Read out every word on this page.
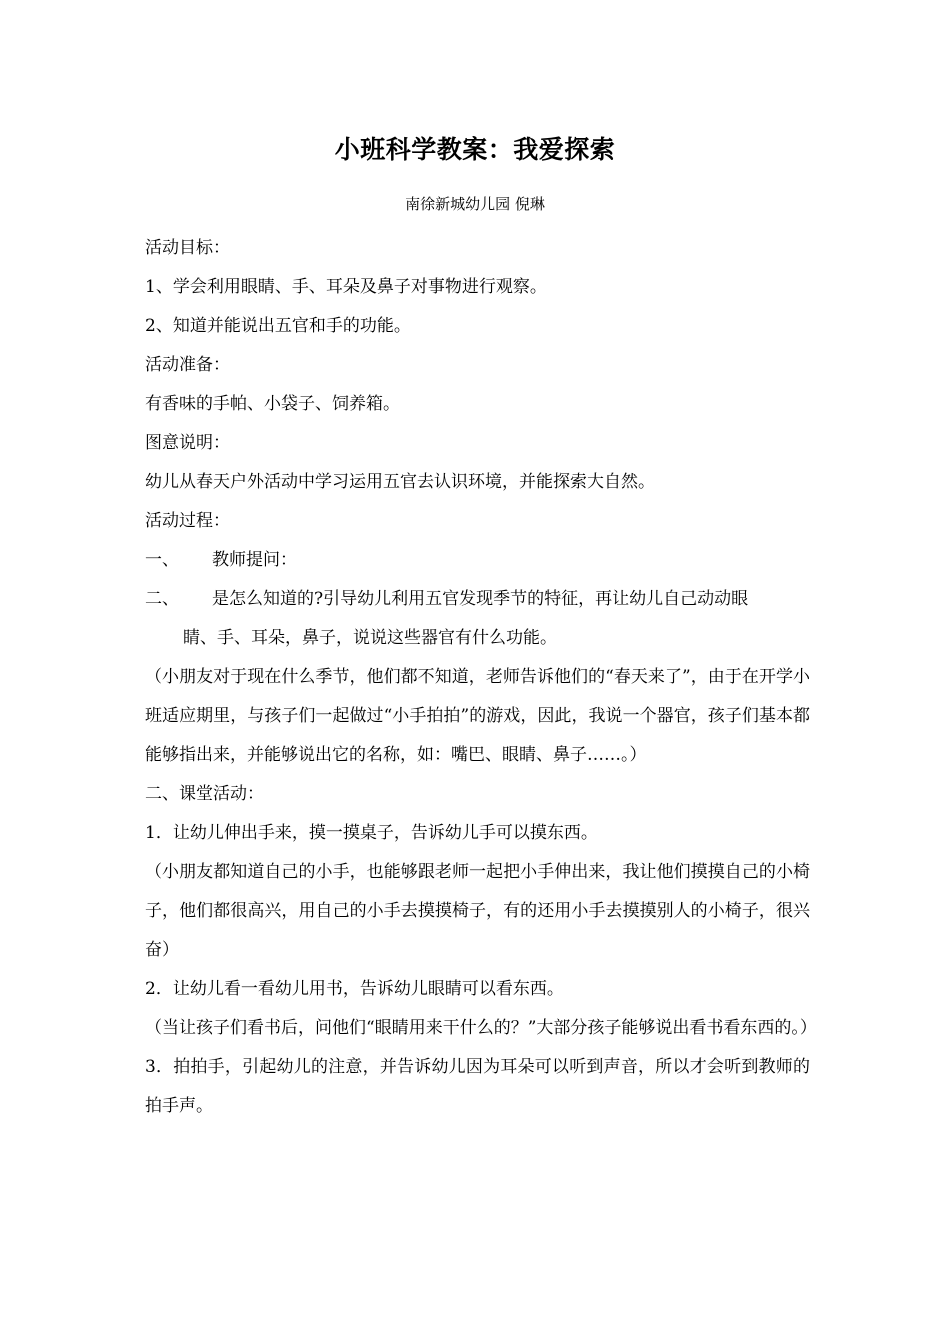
小班科学教案：我爱探索
南徐新城幼儿园 倪琳

活动目标：

1、学会利用眼睛、手、耳朵及鼻子对事物进行观察。

2、知道并能说出五官和手的功能。

活动准备：

有香味的手帕、小袋子、饲养箱。

图意说明：

幼儿从春天户外活动中学习运用五官去认识环境，并能探索大自然。

活动过程：

一、	教师提问：
二、	是怎么知道的?引导幼儿利用五官发现季节的特征，再让幼儿自己动动眼

睛、手、耳朵，鼻子，说说这些器官有什么功能。

（小朋友对于现在什么季节，他们都不知道，老师告诉他们的“春天来了”，由于在开学小班适应期里，与孩子们一起做过“小手拍拍”的游戏，因此，我说一个器官，孩子们基本都能够指出来，并能够说出它的名称，如：嘴巴、眼睛、鼻子……。）

二、课堂活动：

1．让幼儿伸出手来，摸一摸桌子，告诉幼儿手可以摸东西。

（小朋友都知道自己的小手，也能够跟老师一起把小手伸出来，我让他们摸摸自己的小椅子，他们都很高兴，用自己的小手去摸摸椅子，有的还用小手去摸摸别人的小椅子，很兴奋）

2．让幼儿看一看幼儿用书，告诉幼儿眼睛可以看东西。

（当让孩子们看书后，问他们“眼睛用来干什么的？”大部分孩子能够说出看书看东西的。）

3．拍拍手，引起幼儿的注意，并告诉幼儿因为耳朵可以听到声音，所以才会听到教师的拍手声。
